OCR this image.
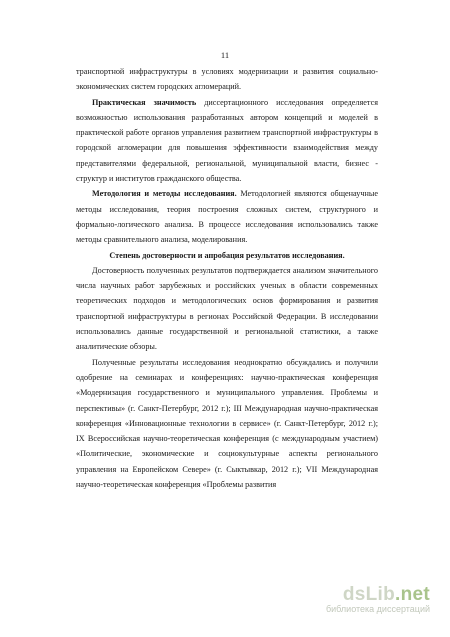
11

транспортной инфраструктуры в условиях модернизации и развития социально-экономических систем городских агломераций.

Практическая значимость диссертационного исследования определяется возможностью использования разработанных автором концепций и моделей в практической работе органов управления развитием транспортной инфраструктуры в городской агломерации для повышения эффективности взаимодействия между представителями федеральной, региональной, муниципальной власти, бизнес - структур и институтов гражданского общества.

Методология и методы исследования. Методологией являются общенаучные методы исследования, теория построения сложных систем, структурного и формально-логического анализа. В процессе исследования использовались также методы сравнительного анализа, моделирования.

Степень достоверности и апробация результатов исследования.

Достоверность полученных результатов подтверждается анализом значительного числа научных работ зарубежных и российских ученых в области современных теоретических подходов и методологических основ формирования и развития транспортной инфраструктуры в регионах Российской Федерации. В исследовании использовались данные государственной и региональной статистики, а также аналитические обзоры.

Полученные результаты исследования неоднократно обсуждались и получили одобрение на семинарах и конференциях: научно-практическая конференция «Модернизация государственного и муниципального управления. Проблемы и перспективы» (г. Санкт-Петербург, 2012 г.); III Международная научно-практическая конференция «Инновационные технологии в сервисе» (г. Санкт-Петербург, 2012 г.); IX Всероссийская научно-теоретическая конференция (с международным участием) «Политические, экономические и социокультурные аспекты регионального управления на Европейском Севере» (г. Сыктывкар, 2012 г.); VII Международная научно-теоретическая конференция «Проблемы развития

dsLib.net
библиотека диссертаций
